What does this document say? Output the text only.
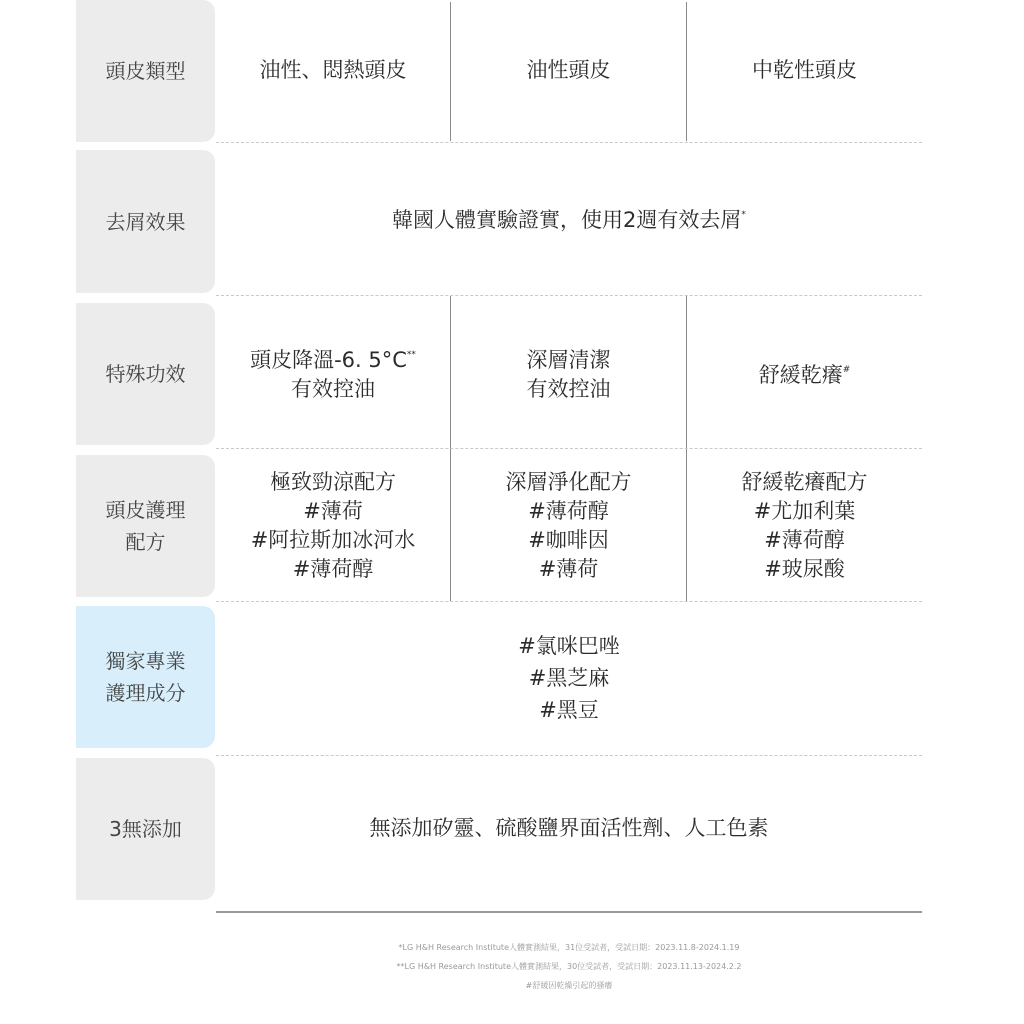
頭皮類型
去屑效果
特殊功效
頭皮護理
配方
獨家專業
護理成分
3無添加
油性、悶熱頭皮	油性頭皮	中乾性頭皮
韓國人體實驗證實，使用2週有效去屑*
頭皮降溫-6. 5°C**
有效控油
深層清潔
有效控油
舒緩乾癢#
極致勁涼配方
#薄荷
#阿拉斯加冰河水
#薄荷醇
深層淨化配方
#薄荷醇
#咖啡因
#薄荷
舒緩乾癢配方
#尤加利葉
#薄荷醇
#玻尿酸
#氯咪巴唑
#黑芝麻
#黑豆
無添加矽靈、硫酸鹽界面活性劑、人工色素
*LG H&H Research Institute人體實測結果，31位受試者，受試日期：2023.11.8-2024.1.19
**LG H&H Research Institute人體實測結果，30位受試者，受試日期：2023.11.13-2024.2.2
#舒緩因乾燥引起的搔癢
